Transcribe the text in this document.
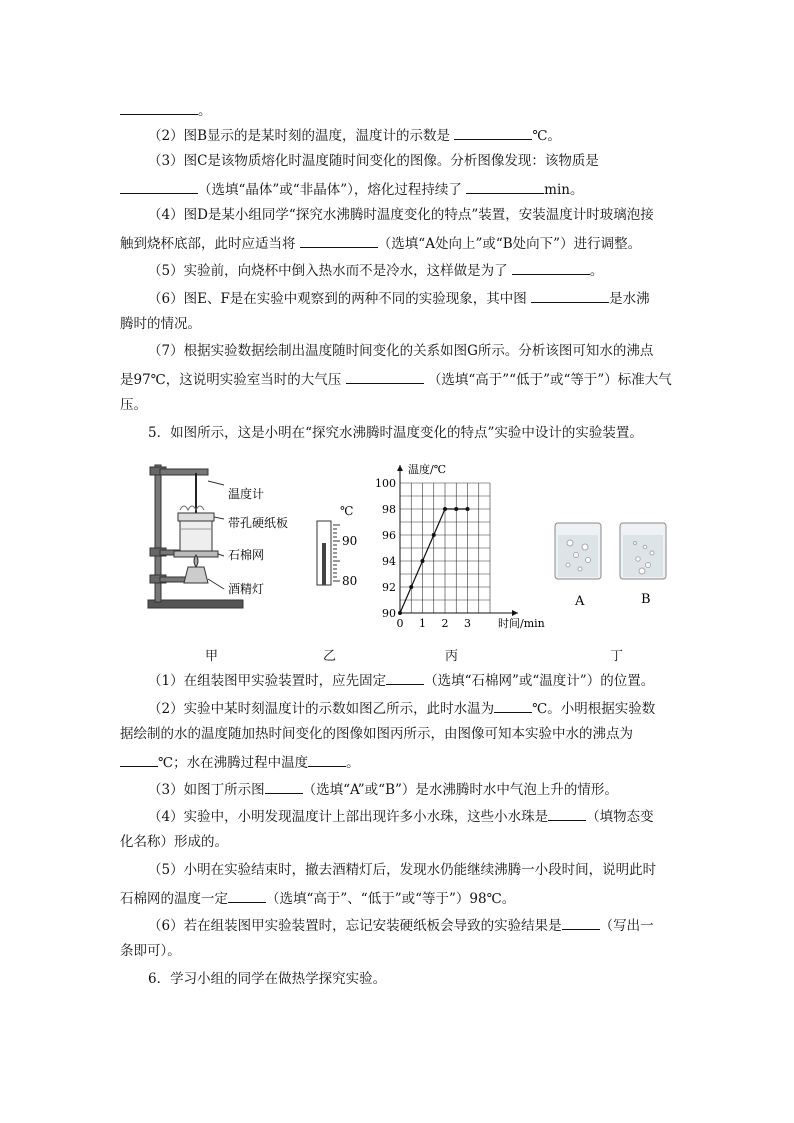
。
（2）图B显示的是某时刻的温度，温度计的示数是	℃。
（3）图C是该物质熔化时温度随时间变化的图像。分析图像发现：该物质是
（选填“晶体”或“非晶体”），熔化过程持续了	min。
（4）图D是某小组同学“探究水沸腾时温度变化的特点”装置，安装温度计时玻璃泡接
触到烧杯底部，此时应适当将	（选填“A处向上”或“B处向下”）进行调整。
（5）实验前，向烧杯中倒入热水而不是冷水，这样做是为了	。
（6）图E、F是在实验中观察到的两种不同的实验现象，其中图	是水沸
腾时的情况。
（7）根据实验数据绘制出温度随时间变化的关系如图G所示。分析该图可知水的沸点
是97℃，这说明实验室当时的大气压	（选填“高于”“低于”或“等于”）标准大气
压。
5．如图所示，这是小明在“探究水沸腾时温度变化的特点”实验中设计的实验装置。
温度计
带孔硬纸板
石棉网
酒精灯
℃
90
80
90
92
94
96
98
100
0 1 2 3
温度/℃
时间/min
A	B
甲	乙	丙	丁
（1）在组装图甲实验装置时，应先固定	（选填“石棉网”或“温度计”）的位置。
（2）实验中某时刻温度计的示数如图乙所示，此时水温为	℃。小明根据实验数
据绘制的水的温度随加热时间变化的图像如图丙所示，由图像可知本实验中水的沸点为
℃；水在沸腾过程中温度	。
（3）如图丁所示图	（选填“A”或“B”）是水沸腾时水中气泡上升的情形。
（4）实验中，小明发现温度计上部出现许多小水珠，这些小水珠是	（填物态变
化名称）形成的。
（5）小明在实验结束时，撤去酒精灯后，发现水仍能继续沸腾一小段时间，说明此时
石棉网的温度一定	（选填“高于”、“低于”或“等于”）98℃。
（6）若在组装图甲实验装置时，忘记安装硬纸板会导致的实验结果是	（写出一
条即可）。
6．学习小组的同学在做热学探究实验。
